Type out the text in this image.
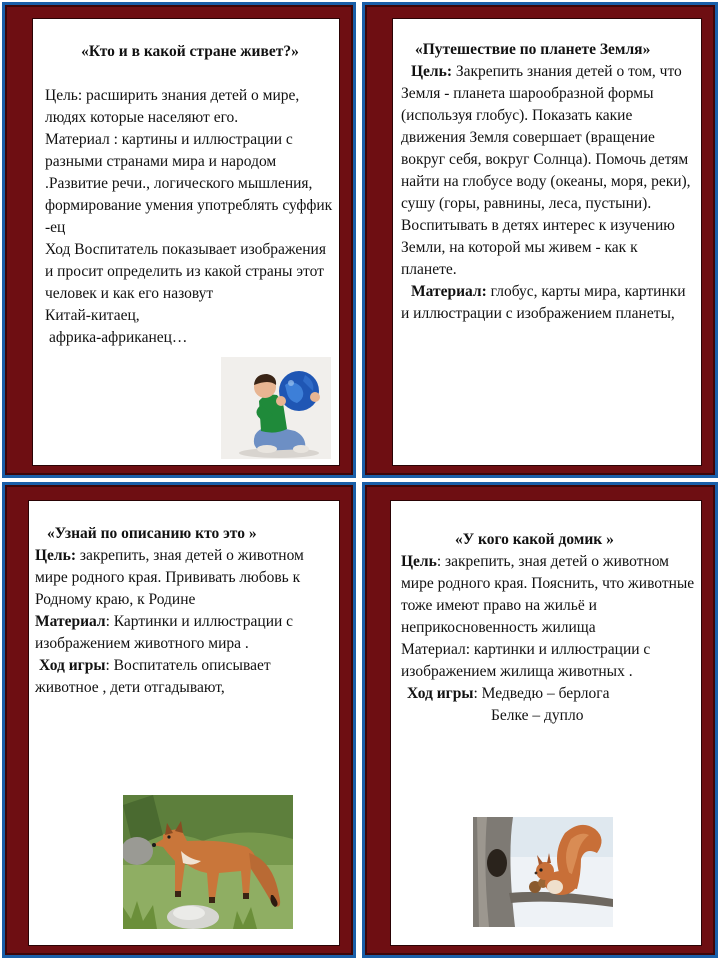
«Кто и в какой стране живет?»

Цель: расширить знания детей о мире, людях которые населяют его.

Материал : картины и иллюстрации с разными странами мира и народом .Развитие речи., логического мышления, формирование умения употреблять суффик -ец

Ход Воспитатель показывает изображения и просит определить из какой страны этот человек и как его назовут

Китай-китаец,

африка-африканец…

«Путешествие по планете Земля»

Цель: Закрепить знания детей о том, что Земля - планета шарообразной формы (используя глобус). Показать какие движения Земля совершает (вращение вокруг себя, вокруг Солнца). Помочь детям найти на глобусе воду (океаны, моря, реки), сушу (горы, равнины, леса, пустыни). Воспитывать в детях интерес к изучению Земли, на которой мы живем - как к планете.

Материал: глобус, карты мира, картинки и иллюстрации с изображением планеты,

«Узнай по описанию кто это »

Цель: закрепить, зная детей о животном мире родного края. Прививать любовь к Родному краю, к Родине

Материал: Картинки и иллюстрации с изображением животного мира .

Ход игры: Воспитатель описывает животное , дети отгадывают,

«У кого какой домик »

Цель: закрепить, зная детей о животном мире родного края. Пояснить, что животные тоже имеют право на жильё и неприкосновенность жилища

Материал: картинки и иллюстрации с изображением жилища животных .

Ход игры: Медведю – берлога

Белке – дупло
